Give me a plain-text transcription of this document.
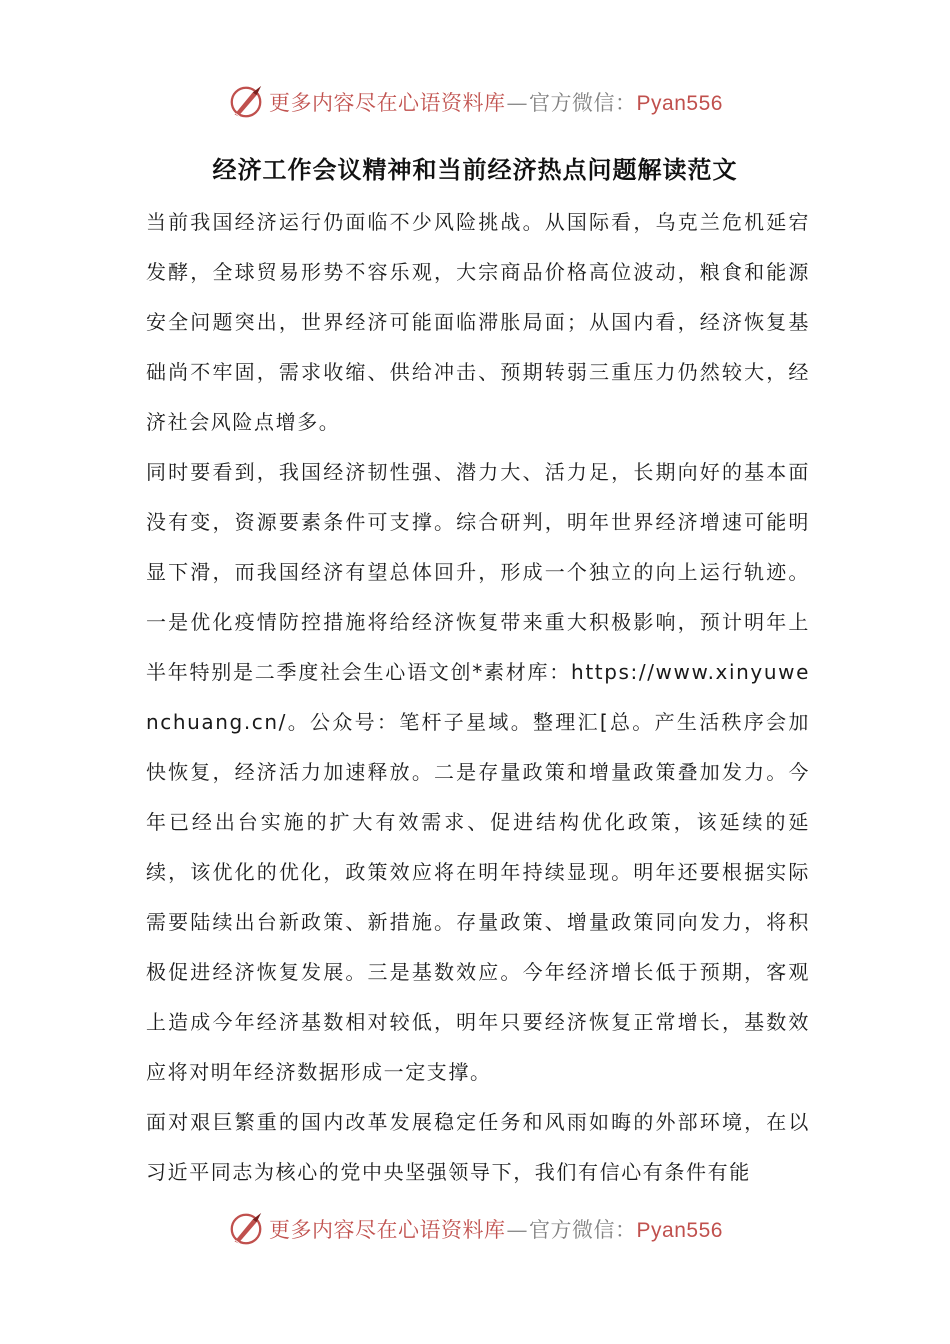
更多内容尽在心语资料库—官方微信：Pyan556
经济工作会议精神和当前经济热点问题解读范文

当前我国经济运行仍面临不少风险挑战。从国际看，乌克兰危机延宕发酵，全球贸易形势不容乐观，大宗商品价格高位波动，粮食和能源安全问题突出，世界经济可能面临滞胀局面；从国内看，经济恢复基础尚不牢固，需求收缩、供给冲击、预期转弱三重压力仍然较大，经济社会风险点增多。

同时要看到，我国经济韧性强、潜力大、活力足，长期向好的基本面没有变，资源要素条件可支撑。综合研判，明年世界经济增速可能明显下滑，而我国经济有望总体回升，形成一个独立的向上运行轨迹。一是优化疫情防控措施将给经济恢复带来重大积极影响，预计明年上半年特别是二季度社会生心语文创*素材库：https://www.xinyuwenchuang.cn/。公众号：笔杆子星域。整理汇[总。产生活秩序会加快恢复，经济活力加速释放。二是存量政策和增量政策叠加发力。今年已经出台实施的扩大有效需求、促进结构优化政策，该延续的延续，该优化的优化，政策效应将在明年持续显现。明年还要根据实际需要陆续出台新政策、新措施。存量政策、增量政策同向发力，将积极促进经济恢复发展。三是基数效应。今年经济增长低于预期，客观上造成今年经济基数相对较低，明年只要经济恢复正常增长，基数效应将对明年经济数据形成一定支撑。

面对艰巨繁重的国内改革发展稳定任务和风雨如晦的外部环境，在以习近平同志为核心的党中央坚强领导下，我们有信心有条件有能

更多内容尽在心语资料库—官方微信：Pyan556
